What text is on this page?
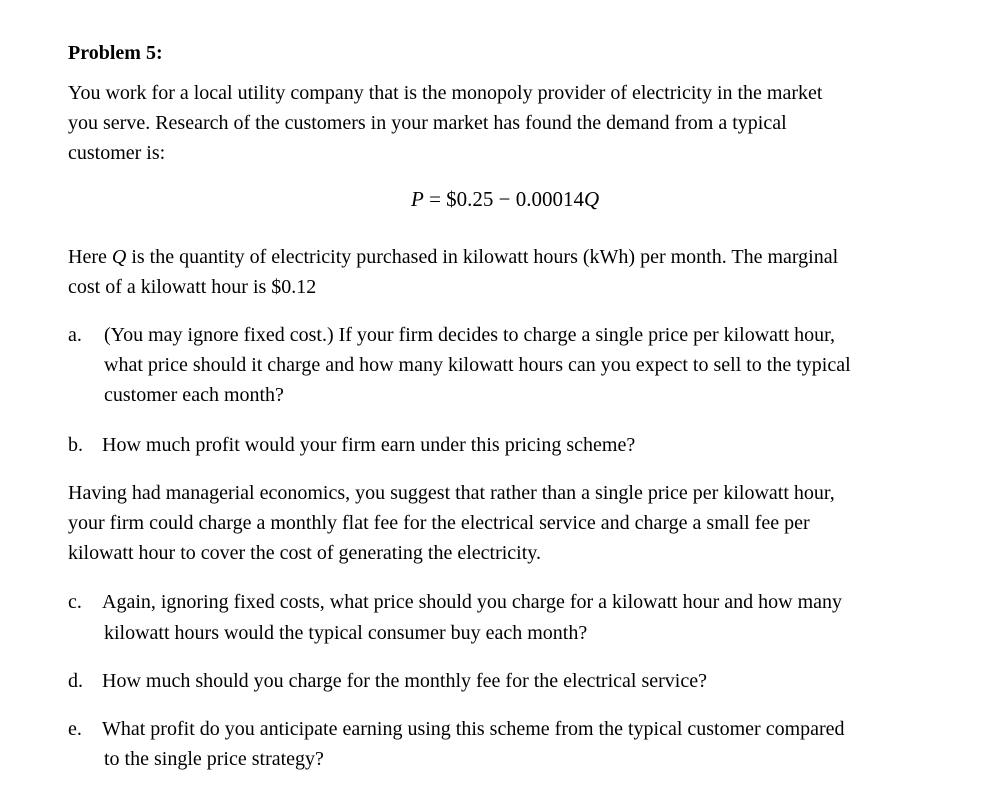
Problem 5:
You work for a local utility company that is the monopoly provider of electricity in the market
you serve. Research of the customers in your market has found the demand from a typical
customer is:
P = $0.25 − 0.00014Q
Here Q is the quantity of electricity purchased in kilowatt hours (kWh) per month. The marginal
cost of a kilowatt hour is $0.12
a. (You may ignore fixed cost.) If your firm decides to charge a single price per kilowatt hour,
what price should it charge and how many kilowatt hours can you expect to sell to the typical
customer each month?
b. How much profit would your firm earn under this pricing scheme?
Having had managerial economics, you suggest that rather than a single price per kilowatt hour,
your firm could charge a monthly flat fee for the electrical service and charge a small fee per
kilowatt hour to cover the cost of generating the electricity.
c. Again, ignoring fixed costs, what price should you charge for a kilowatt hour and how many
kilowatt hours would the typical consumer buy each month?
d. How much should you charge for the monthly fee for the electrical service?
e. What profit do you anticipate earning using this scheme from the typical customer compared
to the single price strategy?
